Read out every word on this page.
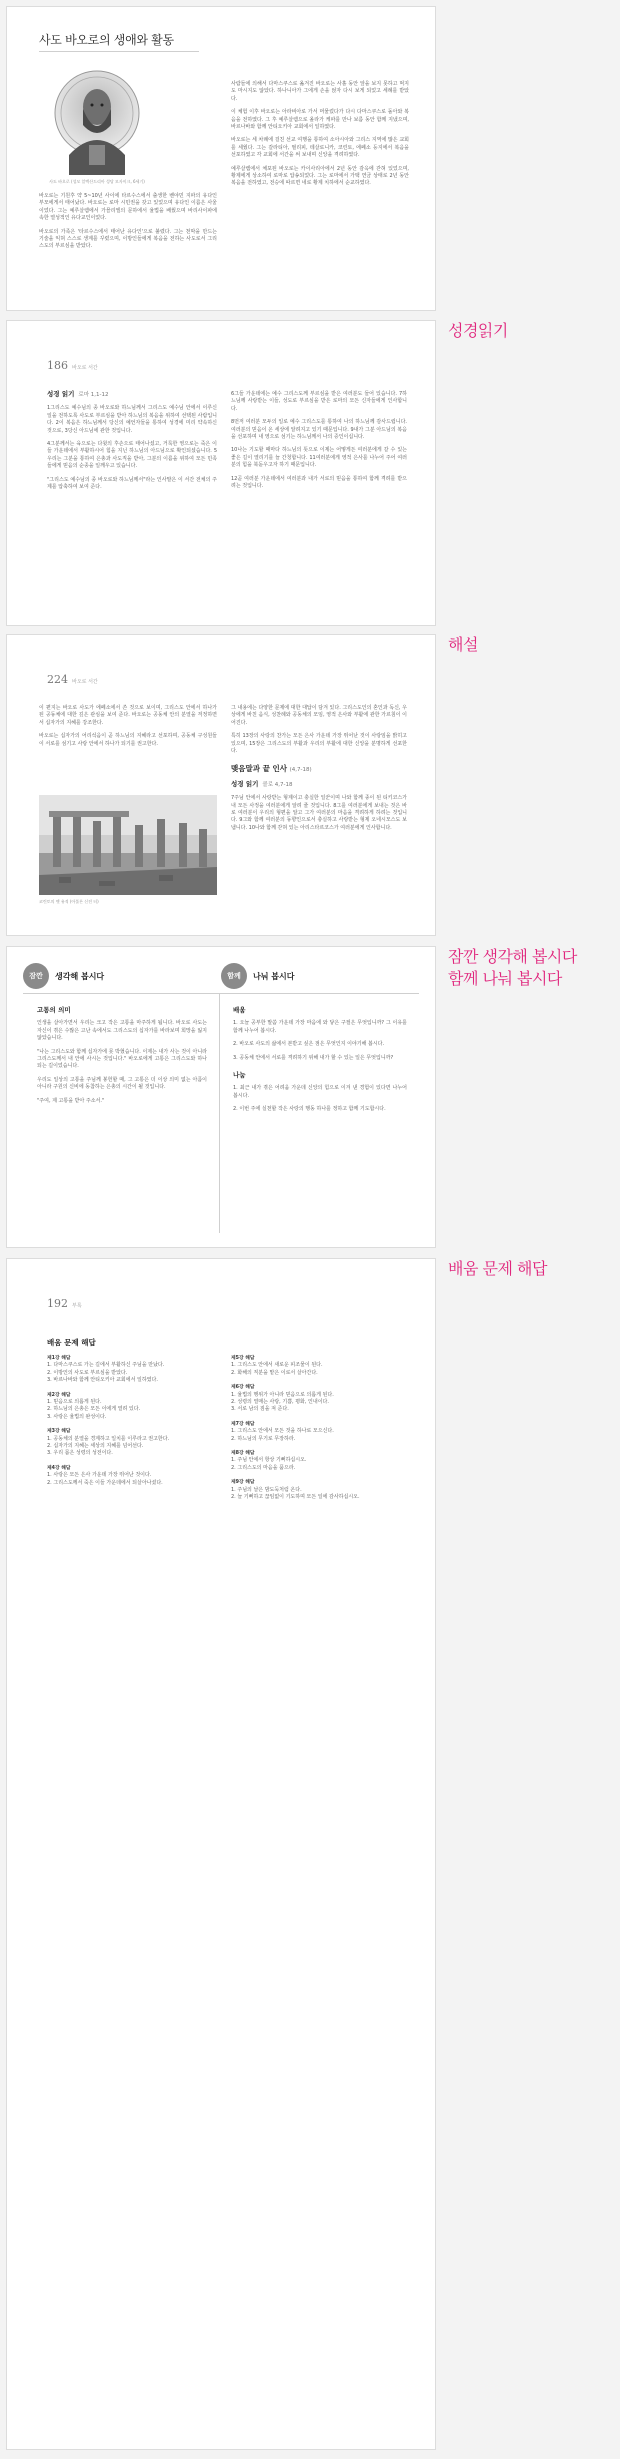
사도 바오로의 생애와 활동
사도 바오로 (성모 알렉산드리아 성당 모자이크, 6세기)

바오로는 기원후 약 5~10년 사이에 타르수스에서 출생한 벤야민 지파의 유다인 부모에게서 태어났다. 바오로는 로마 시민권을 갖고 있었으며 유다인 이름은 사울이었다. 그는 예루살렘에서 가믈리엘의 문하에서 율법을 배웠으며 바리사이파에 속한 열성적인 유다교인이었다.

바오로의 가족은 '타르수스에서 태어난 유다인'으로 불렸다. 그는 천막을 만드는 기술을 익혀 스스로 생계를 꾸렸으며, 이방인들에게 복음을 전하는 사도로서 그리스도의 부르심을 받았다.

사람들에 의해서 다마스쿠스로 옮겨진 바오로는 사흘 동안 앞을 보지 못하고 먹지도 마시지도 않았다. 하나니아가 그에게 손을 얹자 다시 보게 되었고 세례를 받았다.

이 체험 이후 바오로는 아라비아로 가서 머물렀다가 다시 다마스쿠스로 돌아와 복음을 전하였다. 그 후 예루살렘으로 올라가 케파를 만나 보름 동안 함께 지냈으며, 바르나바와 함께 안티오키아 교회에서 일하였다.

바오로는 세 차례에 걸친 선교 여행을 통하여 소아시아와 그리스 지역에 많은 교회를 세웠다. 그는 갈라티아, 필리피, 테살로니카, 코린토, 에페소 등지에서 복음을 선포하였고 각 교회에 서간을 써 보내며 신앙을 격려하였다.

예루살렘에서 체포된 바오로는 카이사리아에서 2년 동안 감옥에 갇혀 있었으며, 황제에게 상소하여 로마로 압송되었다. 그는 로마에서 가택 연금 상태로 2년 동안 복음을 전하였고, 전승에 따르면 네로 황제 치하에서 순교하였다.

186 바오로 서간
성경 읽기 로마 1,1-12

1그리스도 예수님의 종 바오로와 하느님께서 그리스도 예수님 안에서 이루신 일을 전하도록 사도로 부르심을 받아 하느님의 복음을 위하여 선택된 사람입니다. 2이 복음은 하느님께서 당신의 예언자들을 통하여 성경에 미리 약속하신 것으로, 3당신 아드님에 관한 것입니다.

4그분께서는 육으로는 다윗의 후손으로 태어나셨고, 거룩한 영으로는 죽은 이들 가운데에서 부활하시어 힘을 지닌 하느님의 아드님으로 확인되셨습니다. 5우리는 그분을 통하여 은총과 사도직을 받아, 그분의 이름을 위하여 모든 민족들에게 믿음의 순종을 일깨우고 있습니다.

"그리스도 예수님의 종 바오로와 하느님께서"라는 인사말은 이 서간 전체의 주제를 압축하여 보여 준다.

6그들 가운데에는 예수 그리스도께 부르심을 받은 여러분도 들어 있습니다. 7하느님께 사랑받는 이들, 성도로 부르심을 받은 로마의 모든 신자들에게 인사합니다.

8먼저 여러분 모두의 일로 예수 그리스도를 통하여 나의 하느님께 감사드립니다. 여러분의 믿음이 온 세상에 알려지고 있기 때문입니다. 9내가 그분 아드님의 복음을 선포하며 내 영으로 섬기는 하느님께서 나의 증인이십니다.

10나는 기도할 때마다 하느님의 뜻으로 이제는 어떻게든 여러분에게 갈 수 있는 좋은 길이 열리기를 늘 간청합니다. 11여러분에게 영적 은사를 나누어 주어 여러분의 힘을 북돋우고자 하기 때문입니다.

12곧 여러분 가운데에서 여러분과 내가 서로의 믿음을 통하여 함께 격려를 받으려는 것입니다.

성경읽기
224 바오로 서간

이 편지는 바오로 사도가 에페소에서 쓴 것으로 보이며, 그리스도 안에서 하나가 된 공동체에 대한 깊은 관심을 보여 준다. 바오로는 공동체 안의 분열을 걱정하면서 십자가의 지혜를 강조한다.

바오로는 십자가의 어리석음이 곧 하느님의 지혜라고 선포하며, 공동체 구성원들이 서로를 섬기고 사랑 안에서 하나가 되기를 권고한다.

코린토의 옛 유적 (아폴론 신전 터)

그 내용에는 다양한 문제에 대한 대답이 담겨 있다. 그리스도인의 혼인과 독신, 우상에게 바친 음식, 성찬례와 공동체의 모임, 영적 은사와 부활에 관한 가르침이 이어진다.

특히 13장의 사랑의 찬가는 모든 은사 가운데 가장 뛰어난 것이 사랑임을 밝히고 있으며, 15장은 그리스도의 부활과 우리의 부활에 대한 신앙을 분명하게 선포한다.

맺음말과 끝 인사 (4,7-18)
성경 읽기 콜로 4,7-18

7주님 안에서 사랑받는 형제이고 충실한 일꾼이며 나와 함께 종이 된 티키코스가 내 모든 사정을 여러분에게 알려 줄 것입니다. 8그를 여러분에게 보내는 것은 바로 여러분이 우리의 형편을 알고 그가 여러분의 마음을 격려하게 하려는 것입니다. 9그와 함께 여러분의 동향인으로서 충실하고 사랑받는 형제 오네시모스도 보냅니다. 10나와 함께 갇혀 있는 아리스타르코스가 여러분에게 인사합니다.

해설
잠깐	생각해 봅시다	함께	나눠 봅시다
고통의 의미

인생을 살아가면서 우리는 크고 작은 고통을 마주하게 됩니다. 바오로 사도는 자신이 겪은 수많은 고난 속에서도 그리스도의 십자가를 바라보며 희망을 잃지 않았습니다.

"나는 그리스도와 함께 십자가에 못 박혔습니다. 이제는 내가 사는 것이 아니라 그리스도께서 내 안에 사시는 것입니다." 바오로에게 고통은 그리스도와 하나 되는 길이었습니다.

우리도 일상의 고통을 주님께 봉헌할 때, 그 고통은 더 이상 의미 없는 아픔이 아니라 구원의 신비에 동참하는 은총의 시간이 될 것입니다.

"주여, 제 고통을 받아 주소서."

배움

1. 오늘 공부한 말씀 가운데 가장 마음에 와 닿은 구절은 무엇입니까? 그 이유를 함께 나누어 봅시다.

2. 바오로 사도의 삶에서 본받고 싶은 점은 무엇인지 이야기해 봅시다.

3. 공동체 안에서 서로를 격려하기 위해 내가 할 수 있는 일은 무엇입니까?

나눔

1. 최근 내가 겪은 어려움 가운데 신앙의 힘으로 이겨 낸 경험이 있다면 나누어 봅시다.

2. 이번 주에 실천할 작은 사랑의 행동 하나를 정하고 함께 기도합시다.

잠깐 생각해 봅시다
함께 나눠 봅시다
192 부록
배움 문제 해답
제1강 해답
1. 다마스쿠스로 가는 길에서 부활하신 주님을 만났다.
2. 이방인의 사도로 부르심을 받았다.
3. 바르나바와 함께 안티오키아 교회에서 일하였다.
제2강 해답
1. 믿음으로 의롭게 된다.
2. 하느님의 은총은 모든 이에게 열려 있다.
3. 사랑은 율법의 완성이다.
제3강 해답
1. 공동체의 분열을 경계하고 일치를 이루라고 권고한다.
2. 십자가의 지혜는 세상의 지혜를 넘어선다.
3. 우리 몸은 성령의 성전이다.
제4강 해답
1. 사랑은 모든 은사 가운데 가장 뛰어난 것이다.
2. 그리스도께서 죽은 이들 가운데에서 되살아나셨다.
제5강 해답
1. 그리스도 안에서 새로운 피조물이 된다.
2. 화해의 직분을 맡은 이로서 살아간다.
제6강 해답
1. 율법의 행위가 아니라 믿음으로 의롭게 된다.
2. 성령의 열매는 사랑, 기쁨, 평화, 인내이다.
3. 서로 남의 짐을 져 준다.
제7강 해답
1. 그리스도 안에서 모든 것을 하나로 모으신다.
2. 하느님의 무기로 무장하라.
제8강 해답
1. 주님 안에서 항상 기뻐하십시오.
2. 그리스도의 마음을 품으라.
제9강 해답
1. 주님의 날은 밤도둑처럼 온다.
2. 늘 기뻐하고 끊임없이 기도하며 모든 일에 감사하십시오.
배움 문제 해답
